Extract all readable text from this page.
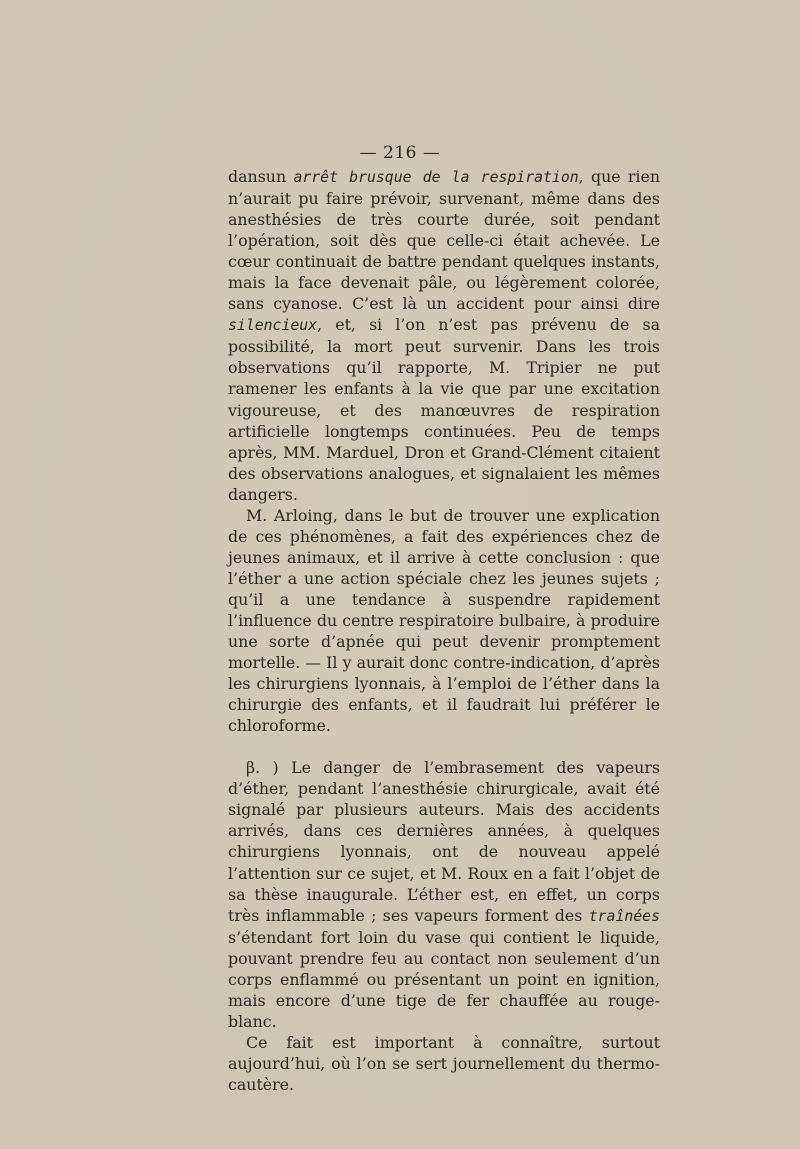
— 216 —

dansun arrêt brusque de la respiration, que rien n’aurait pu faire prévoir, survenant, même dans des anesthésies de très courte durée, soit pendant l’opération, soit dès que celle-ci était achevée. Le cœur continuait de battre pendant quelques instants, mais la face devenait pâle, ou légèrement colorée, sans cyanose. C’est là un accident pour ainsi dire silencieux, et, si l’on n’est pas prévenu de sa possibilité, la mort peut survenir. Dans les trois observations qu’il rapporte, M. Tripier ne put ramener les enfants à la vie que par une excitation vigoureuse, et des manœuvres de respiration artificielle longtemps continuées. Peu de temps après, MM. Marduel, Dron et Grand-Clément citaient des observations analogues, et signalaient les mêmes dangers.

M. Arloing, dans le but de trouver une explication de ces phénomènes, a fait des expériences chez de jeunes animaux, et il arrive à cette conclusion : que l’éther a une action spéciale chez les jeunes sujets ; qu’il a une tendance à suspendre rapidement l’influence du centre respiratoire bulbaire, à produire une sorte d’apnée qui peut devenir promptement mortelle. — Il y aurait donc contre-indication, d’après les chirurgiens lyonnais, à l’emploi de l’éther dans la chirurgie des enfants, et il faudrait lui préférer le chloroforme.

β. ) Le danger de l’embrasement des vapeurs d’éther, pendant l’anesthésie chirurgicale, avait été signalé par plusieurs auteurs. Mais des accidents arrivés, dans ces dernières années, à quelques chirurgiens lyonnais, ont de nouveau appelé l’attention sur ce sujet, et M. Roux en a fait l’objet de sa thèse inaugurale. L’éther est, en effet, un corps très inflammable ; ses vapeurs forment des traînées s’étendant fort loin du vase qui contient le liquide, pouvant prendre feu au contact non seulement d’un corps enflammé ou présentant un point en ignition, mais encore d’une tige de fer chauffée au rouge-blanc.

Ce fait est important à connaître, surtout aujourd’hui, où l’on se sert journellement du thermo-cautère.
